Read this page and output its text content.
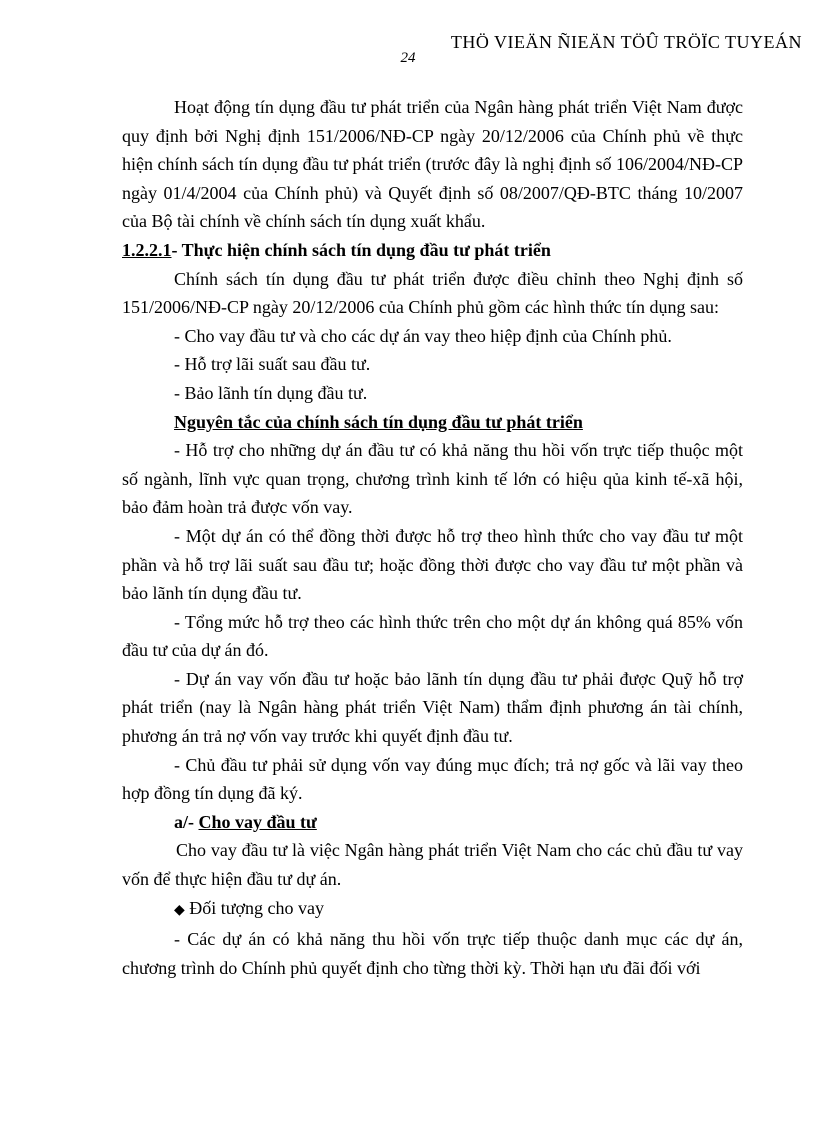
THÖ VIEÄN ÑIEÄN TÖÛ TRÖÏC TUYEÁN
24

Hoạt động tín dụng đầu tư phát triển của Ngân hàng phát triển Việt Nam được quy định bởi Nghị định 151/2006/NĐ-CP ngày 20/12/2006 của Chính phủ về thực hiện chính sách tín dụng đầu tư phát triển (trước đây là nghị định số 106/2004/NĐ-CP ngày 01/4/2004 của Chính phủ) và Quyết định số 08/2007/QĐ-BTC tháng 10/2007 của Bộ tài chính về chính sách tín dụng xuất khẩu.

1.2.2.1- Thực hiện chính sách tín dụng đầu tư phát triển

Chính sách tín dụng đầu tư phát triển được điều chỉnh theo Nghị định số 151/2006/NĐ-CP ngày 20/12/2006 của Chính phủ gồm các hình thức tín dụng sau:

- Cho vay đầu tư và cho các dự án vay theo hiệp định của Chính phủ.

- Hỗ trợ lãi suất sau đầu tư.

- Bảo lãnh tín dụng đầu tư.

Nguyên tắc của chính sách tín dụng đầu tư phát triển

- Hỗ trợ cho những dự án đầu tư có khả năng thu hồi vốn trực tiếp thuộc một số ngành, lĩnh vực quan trọng, chương trình kinh tế lớn có hiệu qủa kinh tế-xã hội, bảo đảm hoàn trả được vốn vay.

- Một dự án có thể đồng thời được hỗ trợ theo hình thức cho vay đầu tư một phần và hỗ trợ lãi suất sau đầu tư; hoặc đồng thời được cho vay đầu tư một phần và bảo lãnh tín dụng đầu tư.

- Tổng mức hỗ trợ theo các hình thức trên cho một dự án không quá 85% vốn đầu tư của dự án đó.

- Dự án vay vốn đầu tư hoặc bảo lãnh tín dụng đầu tư phải được Quỹ hỗ trợ phát triển (nay là Ngân hàng phát triển Việt Nam) thẩm định phương án tài chính, phương án trả nợ vốn vay trước khi quyết định đầu tư.

- Chủ đầu tư phải sử dụng vốn vay đúng mục đích; trả nợ gốc và lãi vay theo hợp đồng tín dụng đã ký.

a/- Cho vay đầu tư

Cho vay đầu tư là việc Ngân hàng phát triển Việt Nam cho các chủ đầu tư vay vốn để thực hiện đầu tư dự án.

◆ Đối tượng cho vay

- Các dự án có khả năng thu hồi vốn trực tiếp thuộc danh mục các dự án, chương trình do Chính phủ quyết định cho từng thời kỳ. Thời hạn ưu đãi đối với
